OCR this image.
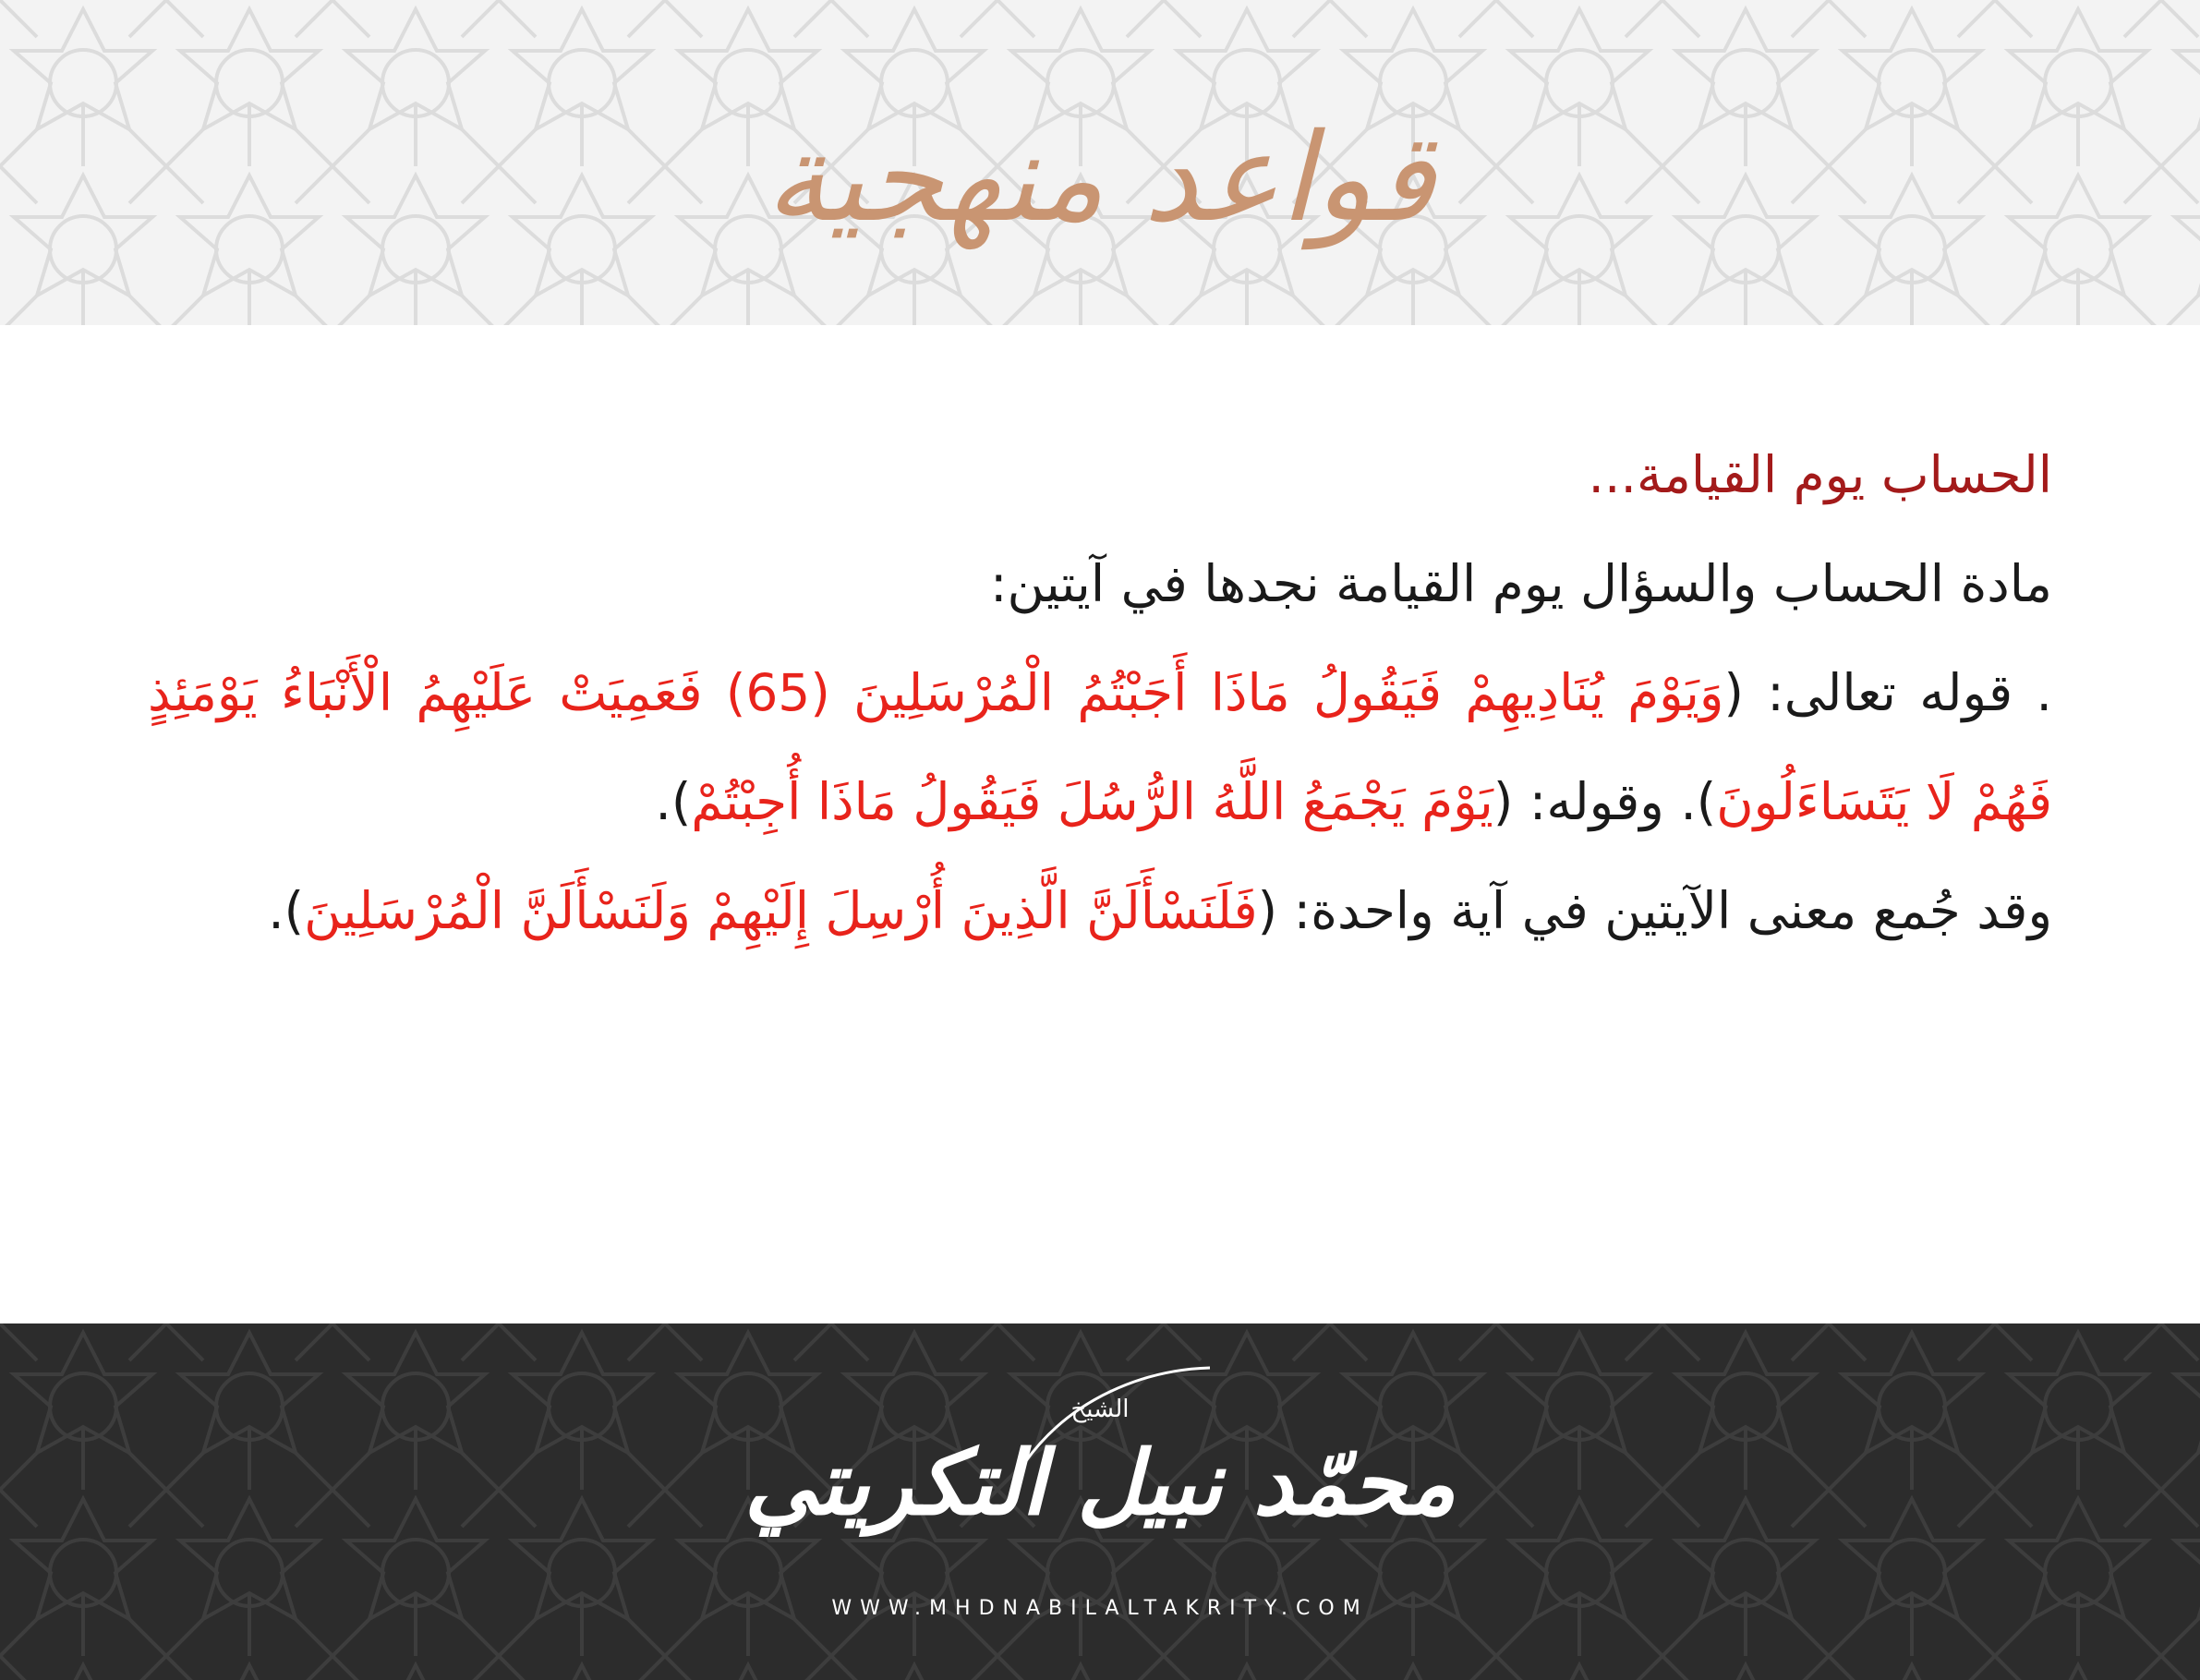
قواعد منهجية

الحساب يوم القيامة...

مادة الحساب والسؤال يوم القيامة نجدها في آيتين:

. قوله تعالى: (وَيَوْمَ يُنَادِيهِمْ فَيَقُولُ مَاذَا أَجَبْتُمُ الْمُرْسَلِينَ (65) فَعَمِيَتْ عَلَيْهِمُ الْأَنْبَاءُ يَوْمَئِذٍ فَهُمْ لَا يَتَسَاءَلُونَ). وقوله: (يَوْمَ يَجْمَعُ اللَّهُ الرُّسُلَ فَيَقُولُ مَاذَا أُجِبْتُمْ).

وقد جُمع معنى الآيتين في آية واحدة: (فَلَنَسْأَلَنَّ الَّذِينَ أُرْسِلَ إِلَيْهِمْ وَلَنَسْأَلَنَّ الْمُرْسَلِينَ).

الشيخ
محمّد نبيل التكريتي
WWW.MHDNABILALTAKRITY.COM
